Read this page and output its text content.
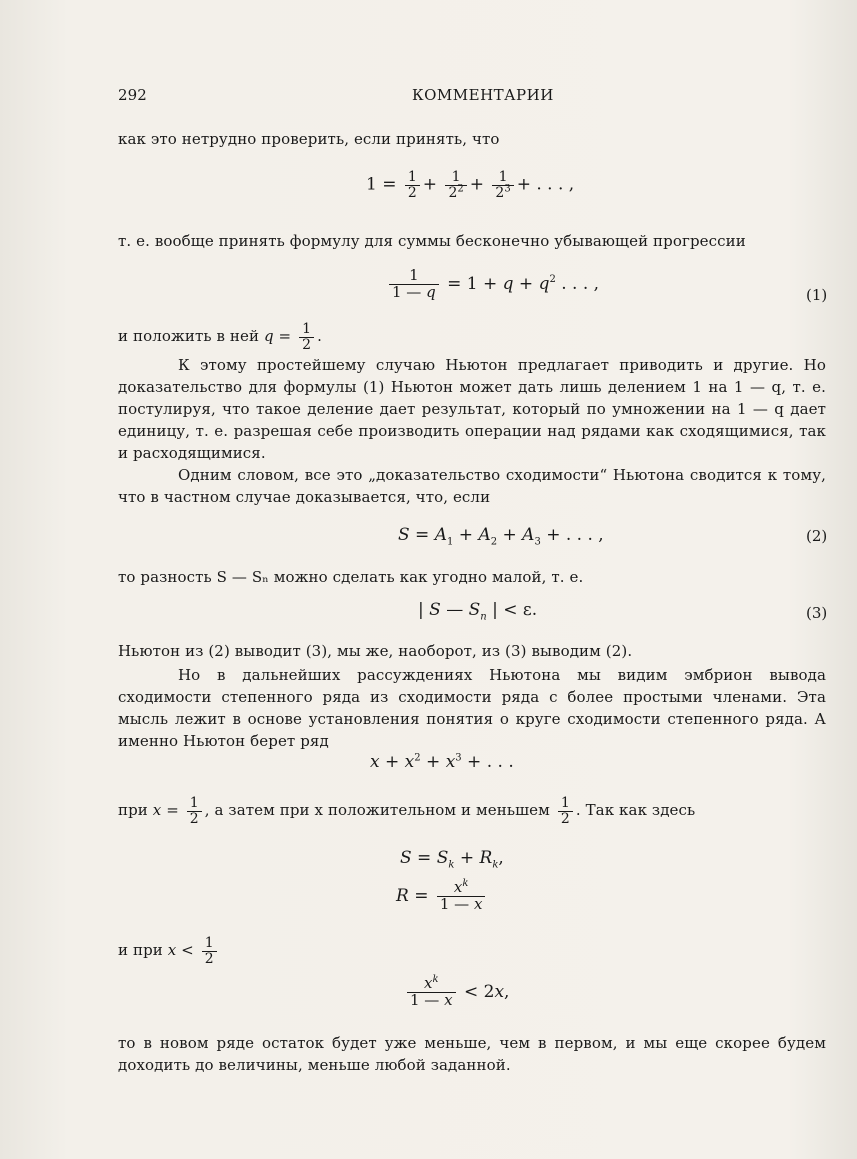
292	КОММЕНТАРИИ
как это нетрудно проверить, если принять, что
$1 = \frac{1}{2} + \frac{1}{2^2} + \frac{1}{2^3}$ + . . . ,
т. е. вообще принять формулу для суммы бесконечно убывающей прогрессии
$\frac{1}{1 — q} = 1 + q + q^2$ . . . ,
(1)
и положить в ней $q = \frac{1}{2}$ .
К этому простейшему случаю Ньютон предлагает приводить и другие. Но доказательство для формулы (1) Ньютон может дать лишь делением 1 на 1 — q, т. е. постулируя, что такое деление дает результат, который по умножении на 1 — q дает единицу, т. е. разрешая себе производить операции над рядами как сходящимися, так и расходящимися.
Одним словом, все это „доказательство сходимости“ Ньютона сводится к тому, что в частном случае доказывается, что, если
$S = A_1 + A_2 + A_3$ + . . . ,	(2)
то разность S — Sₙ можно сделать как угодно малой, т. е.
| S — $S_n$ | < ε.	(3)
Ньютон из (2) выводит (3), мы же, наоборот, из (3) выводим (2).
Но в дальнейших рассуждениях Ньютона мы видим эмбрион вывода сходимости степенного ряда из сходимости ряда с более простыми членами. Эта мысль лежит в основе установления понятия о круге сходимости степенного ряда. А именно Ньютон берет ряд
$x + x^2 + x^3$ + . . .
при $x = \frac{1}{2}$ , а затем при x положительном и меньшем $\frac{1}{2}$ . Так как здесь
$S = S_k + R_k$,
$R = \frac{x^k}{1 — x}$
и при $x < \frac{1}{2}$
$\frac{x^k}{1 — x} < 2x$,
то в новом ряде остаток будет уже меньше, чем в первом, и мы еще скорее будем доходить до величины, меньше любой заданной.
